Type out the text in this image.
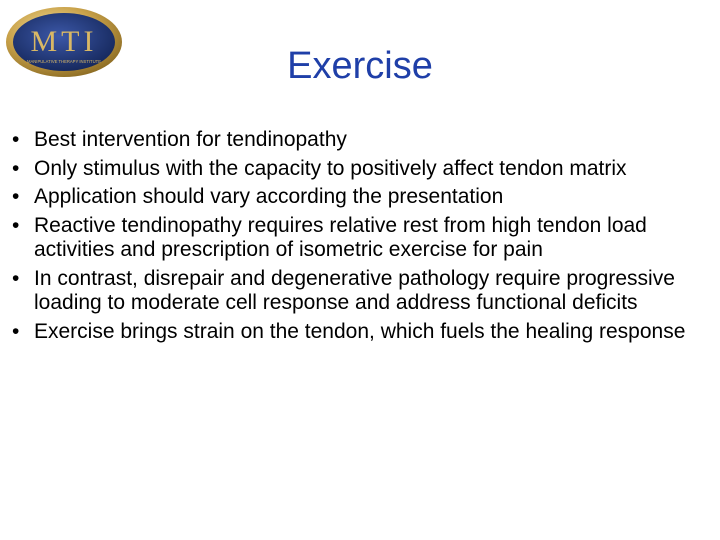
MTI
MANIPULATIVE THERAPY INSTITUTE	Exercise
• Best intervention for tendinopathy
• Only stimulus with the capacity to positively affect tendon matrix
• Application should vary according the presentation
• Reactive tendinopathy requires relative rest from high tendon load activities and prescription of isometric exercise for pain
• In contrast, disrepair and degenerative pathology require progressive loading to moderate cell response and address functional deficits
• Exercise brings strain on the tendon, which fuels the healing response
